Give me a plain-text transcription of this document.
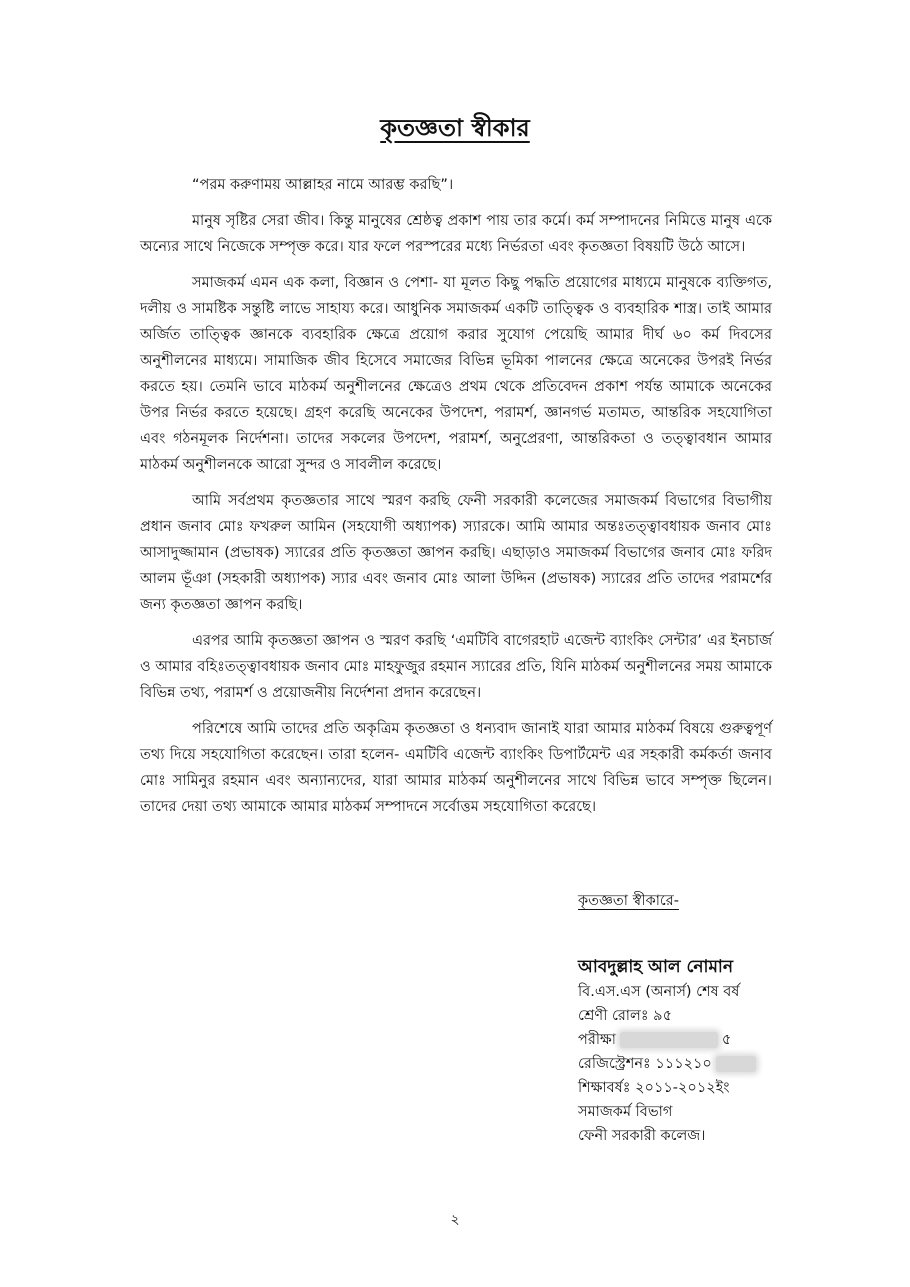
কৃতজ্ঞতা স্বীকার

“পরম করুণাময় আল্লাহর নামে আরম্ভ করছি”।

মানুষ সৃষ্টির সেরা জীব। কিন্তু মানুষের শ্রেষ্ঠত্ব প্রকাশ পায় তার কর্মে। কর্ম সম্পাদনের নিমিত্তে মানুষ একে অন্যের সাথে নিজেকে সম্পৃক্ত করে। যার ফলে পরস্পরের মধ্যে নির্ভরতা এবং কৃতজ্ঞতা বিষয়টি উঠে আসে।

সমাজকর্ম এমন এক কলা, বিজ্ঞান ও পেশা- যা মূলত কিছু পদ্ধতি প্রয়োগের মাধ্যমে মানুষকে ব্যক্তিগত, দলীয় ও সামষ্টিক সন্তুষ্টি লাভে সাহায্য করে। আধুনিক সমাজকর্ম একটি তাত্ত্বিক ও ব্যবহারিক শাস্ত্র। তাই আমার অর্জিত তাত্ত্বিক জ্ঞানকে ব্যবহারিক ক্ষেত্রে প্রয়োগ করার সুযোগ পেয়েছি আমার দীর্ঘ ৬০ কর্ম দিবসের অনুশীলনের মাধ্যমে। সামাজিক জীব হিসেবে সমাজের বিভিন্ন ভূমিকা পালনের ক্ষেত্রে অনেকের উপরই নির্ভর করতে হয়। তেমনি ভাবে মাঠকর্ম অনুশীলনের ক্ষেত্রেও প্রথম থেকে প্রতিবেদন প্রকাশ পর্যন্ত আমাকে অনেকের উপর নির্ভর করতে হয়েছে। গ্রহণ করেছি অনেকের উপদেশ, পরামর্শ, জ্ঞানগর্ভ মতামত, আন্তরিক সহযোগিতা এবং গঠনমূলক নির্দেশনা। তাদের সকলের উপদেশ, পরামর্শ, অনুপ্রেরণা, আন্তরিকতা ও তত্ত্বাবধান আমার মাঠকর্ম অনুশীলনকে আরো সুন্দর ও সাবলীল করেছে।

আমি সর্বপ্রথম কৃতজ্ঞতার সাথে স্মরণ করছি ফেনী সরকারী কলেজের সমাজকর্ম বিভাগের বিভাগীয় প্রধান জনাব মোঃ ফখরুল আমিন (সহযোগী অধ্যাপক) স্যারকে। আমি আমার অন্তঃতত্ত্বাবধায়ক জনাব মোঃ আসাদুজ্জামান (প্রভাষক) স্যারের প্রতি কৃতজ্ঞতা জ্ঞাপন করছি। এছাড়াও সমাজকর্ম বিভাগের জনাব মোঃ ফরিদ আলম ভূঁঞা (সহকারী অধ্যাপক) স্যার এবং জনাব মোঃ আলা উদ্দিন (প্রভাষক) স্যারের প্রতি তাদের পরামর্শের জন্য কৃতজ্ঞতা জ্ঞাপন করছি।

এরপর আমি কৃতজ্ঞতা জ্ঞাপন ও স্মরণ করছি ‘এমটিবি বাগেরহাট এজেন্ট ব্যাংকিং সেন্টার’ এর ইনচার্জ ও আমার বহিঃতত্ত্বাবধায়ক জনাব মোঃ মাহফুজুর রহমান স্যারের প্রতি, যিনি মাঠকর্ম অনুশীলনের সময় আমাকে বিভিন্ন তথ্য, পরামর্শ ও প্রয়োজনীয় নির্দেশনা প্রদান করেছেন।

পরিশেষে আমি তাদের প্রতি অকৃত্রিম কৃতজ্ঞতা ও ধন্যবাদ জানাই যারা আমার মাঠকর্ম বিষয়ে গুরুত্বপূর্ণ তথ্য দিয়ে সহযোগিতা করেছেন। তারা হলেন- এমটিবি এজেন্ট ব্যাংকিং ডিপার্টমেন্ট এর সহকারী কর্মকর্তা জনাব মোঃ সামিনুর রহমান এবং অন্যান্যদের, যারা আমার মাঠকর্ম অনুশীলনের সাথে বিভিন্ন ভাবে সম্পৃক্ত ছিলেন। তাদের দেয়া তথ্য আমাকে আমার মাঠকর্ম সম্পাদনে সর্বোত্তম সহযোগিতা করেছে।

কৃতজ্ঞতা স্বীকারে-
আবদুল্লাহ আল নোমান
বি.এস.এস (অনার্স) শেষ বর্ষ
শ্রেণী রোলঃ ৯৫
পরীক্ষা	৫
রেজিস্ট্রেশনঃ ১১১২১০
শিক্ষাবর্ষঃ ২০১১-২০১২ইং
সমাজকর্ম বিভাগ
ফেনী সরকারী কলেজ।
২
